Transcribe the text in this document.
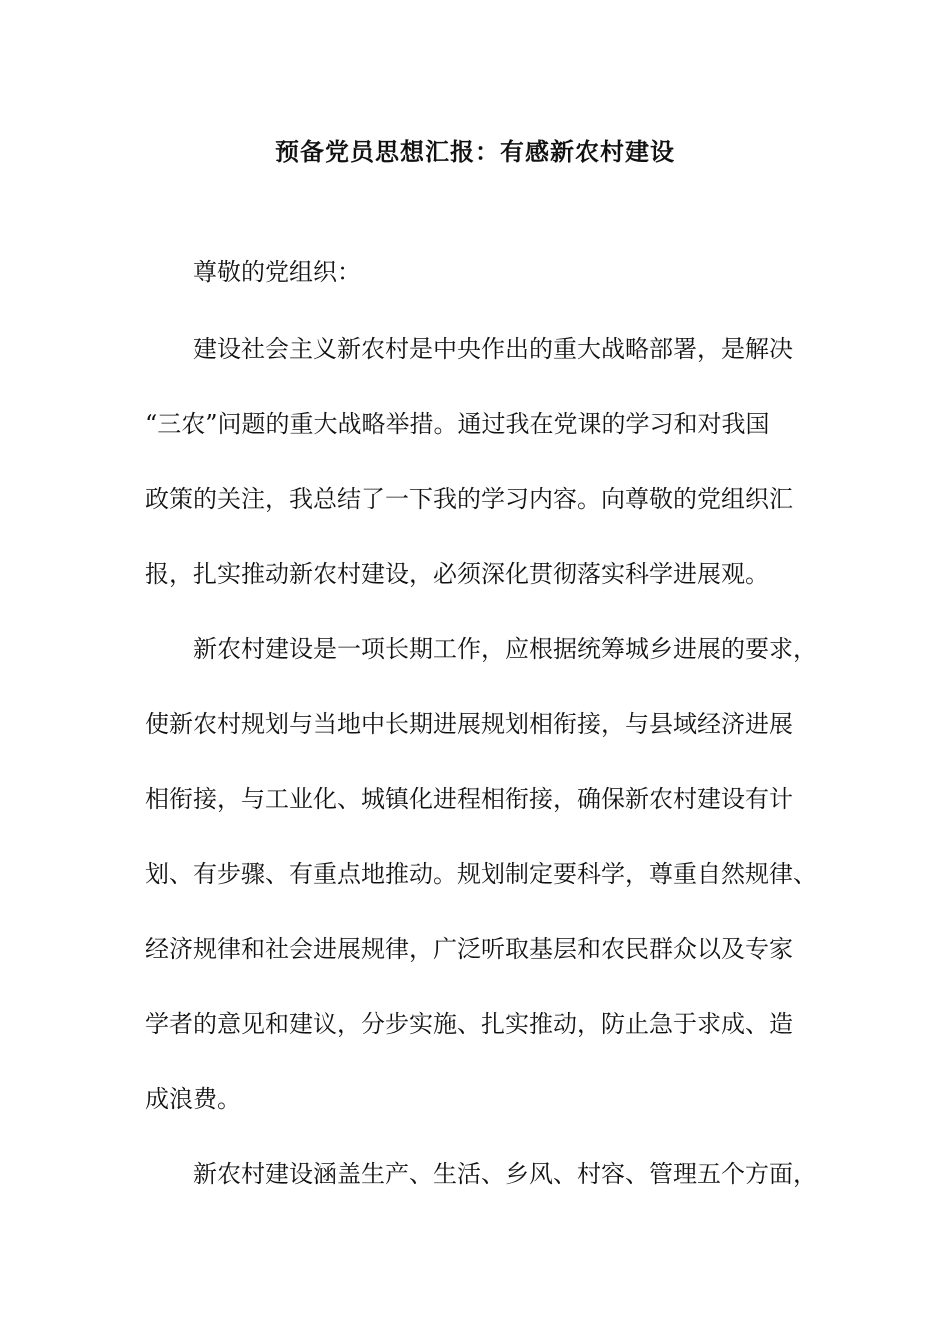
预备党员思想汇报：有感新农村建设
　　尊敬的党组织：
　　建设社会主义新农村是中央作出的重大战略部署，是解决
“三农”问题的重大战略举措。通过我在党课的学习和对我国
政策的关注，我总结了一下我的学习内容。向尊敬的党组织汇
报，扎实推动新农村建设，必须深化贯彻落实科学进展观。
　　新农村建设是一项长期工作，应根据统筹城乡进展的要求，
使新农村规划与当地中长期进展规划相衔接，与县域经济进展
相衔接，与工业化、城镇化进程相衔接，确保新农村建设有计
划、有步骤、有重点地推动。规划制定要科学，尊重自然规律、
经济规律和社会进展规律，广泛听取基层和农民群众以及专家
学者的意见和建议，分步实施、扎实推动，防止急于求成、造
成浪费。
　　新农村建设涵盖生产、生活、乡风、村容、管理五个方面，
